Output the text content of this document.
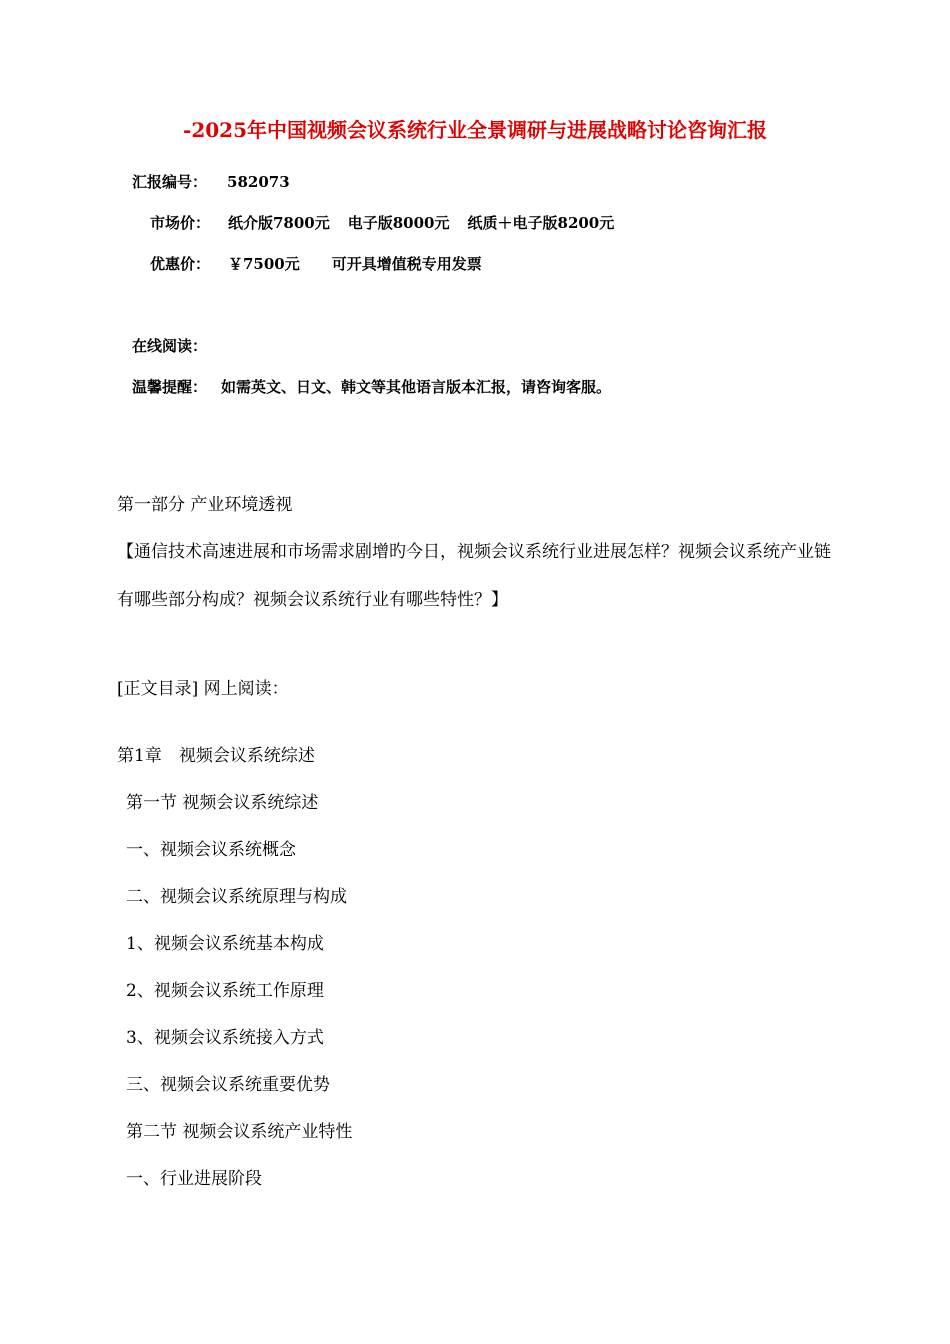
-2025年中国视频会议系统行业全景调研与进展战略讨论咨询汇报
汇报编号： 582073
市场价： 纸介版7800元 电子版8000元 纸质＋电子版8200元
优惠价： ￥7500元 可开具增值税专用发票
在线阅读：
温馨提醒： 如需英文、日文、韩文等其他语言版本汇报，请咨询客服。
第一部分 产业环境透视
【通信技术高速进展和市场需求剧增旳今日，视频会议系统行业进展怎样？视频会议系统产业链有哪些部分构成？视频会议系统行业有哪些特性？】
[正文目录] 网上阅读：
第1章　视频会议系统综述
第一节 视频会议系统综述
一、视频会议系统概念
二、视频会议系统原理与构成
1、视频会议系统基本构成
2、视频会议系统工作原理
3、视频会议系统接入方式
三、视频会议系统重要优势
第二节 视频会议系统产业特性
一、行业进展阶段
